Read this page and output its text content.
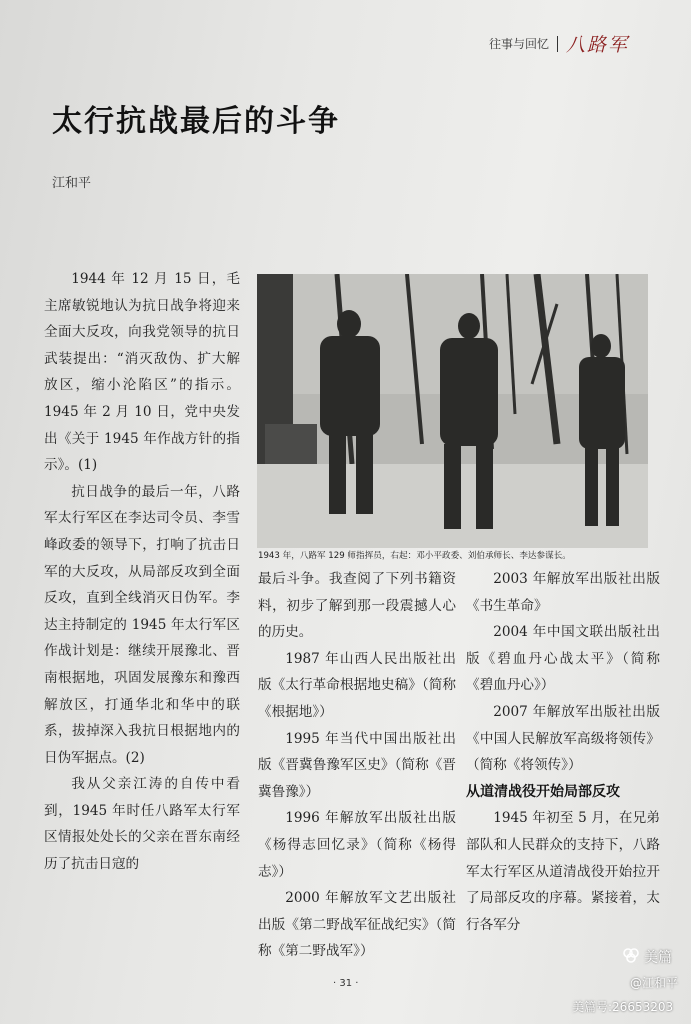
往事与回忆 八路军
太行抗战最后的斗争
江和平

1944 年 12 月 15 日，毛主席敏锐地认为抗日战争将迎来全面大反攻，向我党领导的抗日武装提出：“消灭敌伪、扩大解放区，缩小沦陷区”的指示。1945 年 2 月 10 日，党中央发出《关于 1945 年作战方针的指示》。(1)

抗日战争的最后一年，八路军太行军区在李达司令员、李雪峰政委的领导下，打响了抗击日军的大反攻，从局部反攻到全面反攻，直到全线消灭日伪军。李达主持制定的 1945 年太行军区作战计划是：继续开展豫北、晋南根据地，巩固发展豫东和豫西解放区，打通华北和华中的联系，拔掉深入我抗日根据地内的日伪军据点。(2)

我从父亲江涛的自传中看到，1945 年时任八路军太行军区情报处处长的父亲在晋东南经历了抗击日寇的

1943 年，八路军 129 师指挥员，右起：邓小平政委、刘伯承师长、李达参谋长。

最后斗争。我查阅了下列书籍资料，初步了解到那一段震撼人心的历史。

1987 年山西人民出版社出版《太行革命根据地史稿》（简称《根据地》）

1995 年当代中国出版社出版《晋冀鲁豫军区史》（简称《晋冀鲁豫》）

1996 年解放军出版社出版《杨得志回忆录》（简称《杨得志》）

2000 年解放军文艺出版社出版《第二野战军征战纪实》（简称《第二野战军》）

2003 年解放军出版社出版《书生革命》

2004 年中国文联出版社出版《碧血丹心战太平》（简称《碧血丹心》）

2007 年解放军出版社出版《中国人民解放军高级将领传》（简称《将领传》）

从道清战役开始局部反攻

1945 年初至 5 月，在兄弟部队和人民群众的支持下，八路军太行军区从道清战役开始拉开了局部反攻的序幕。紧接着，太行各军分

· 31 ·
美篇
@江和平
美篇号:26653203
